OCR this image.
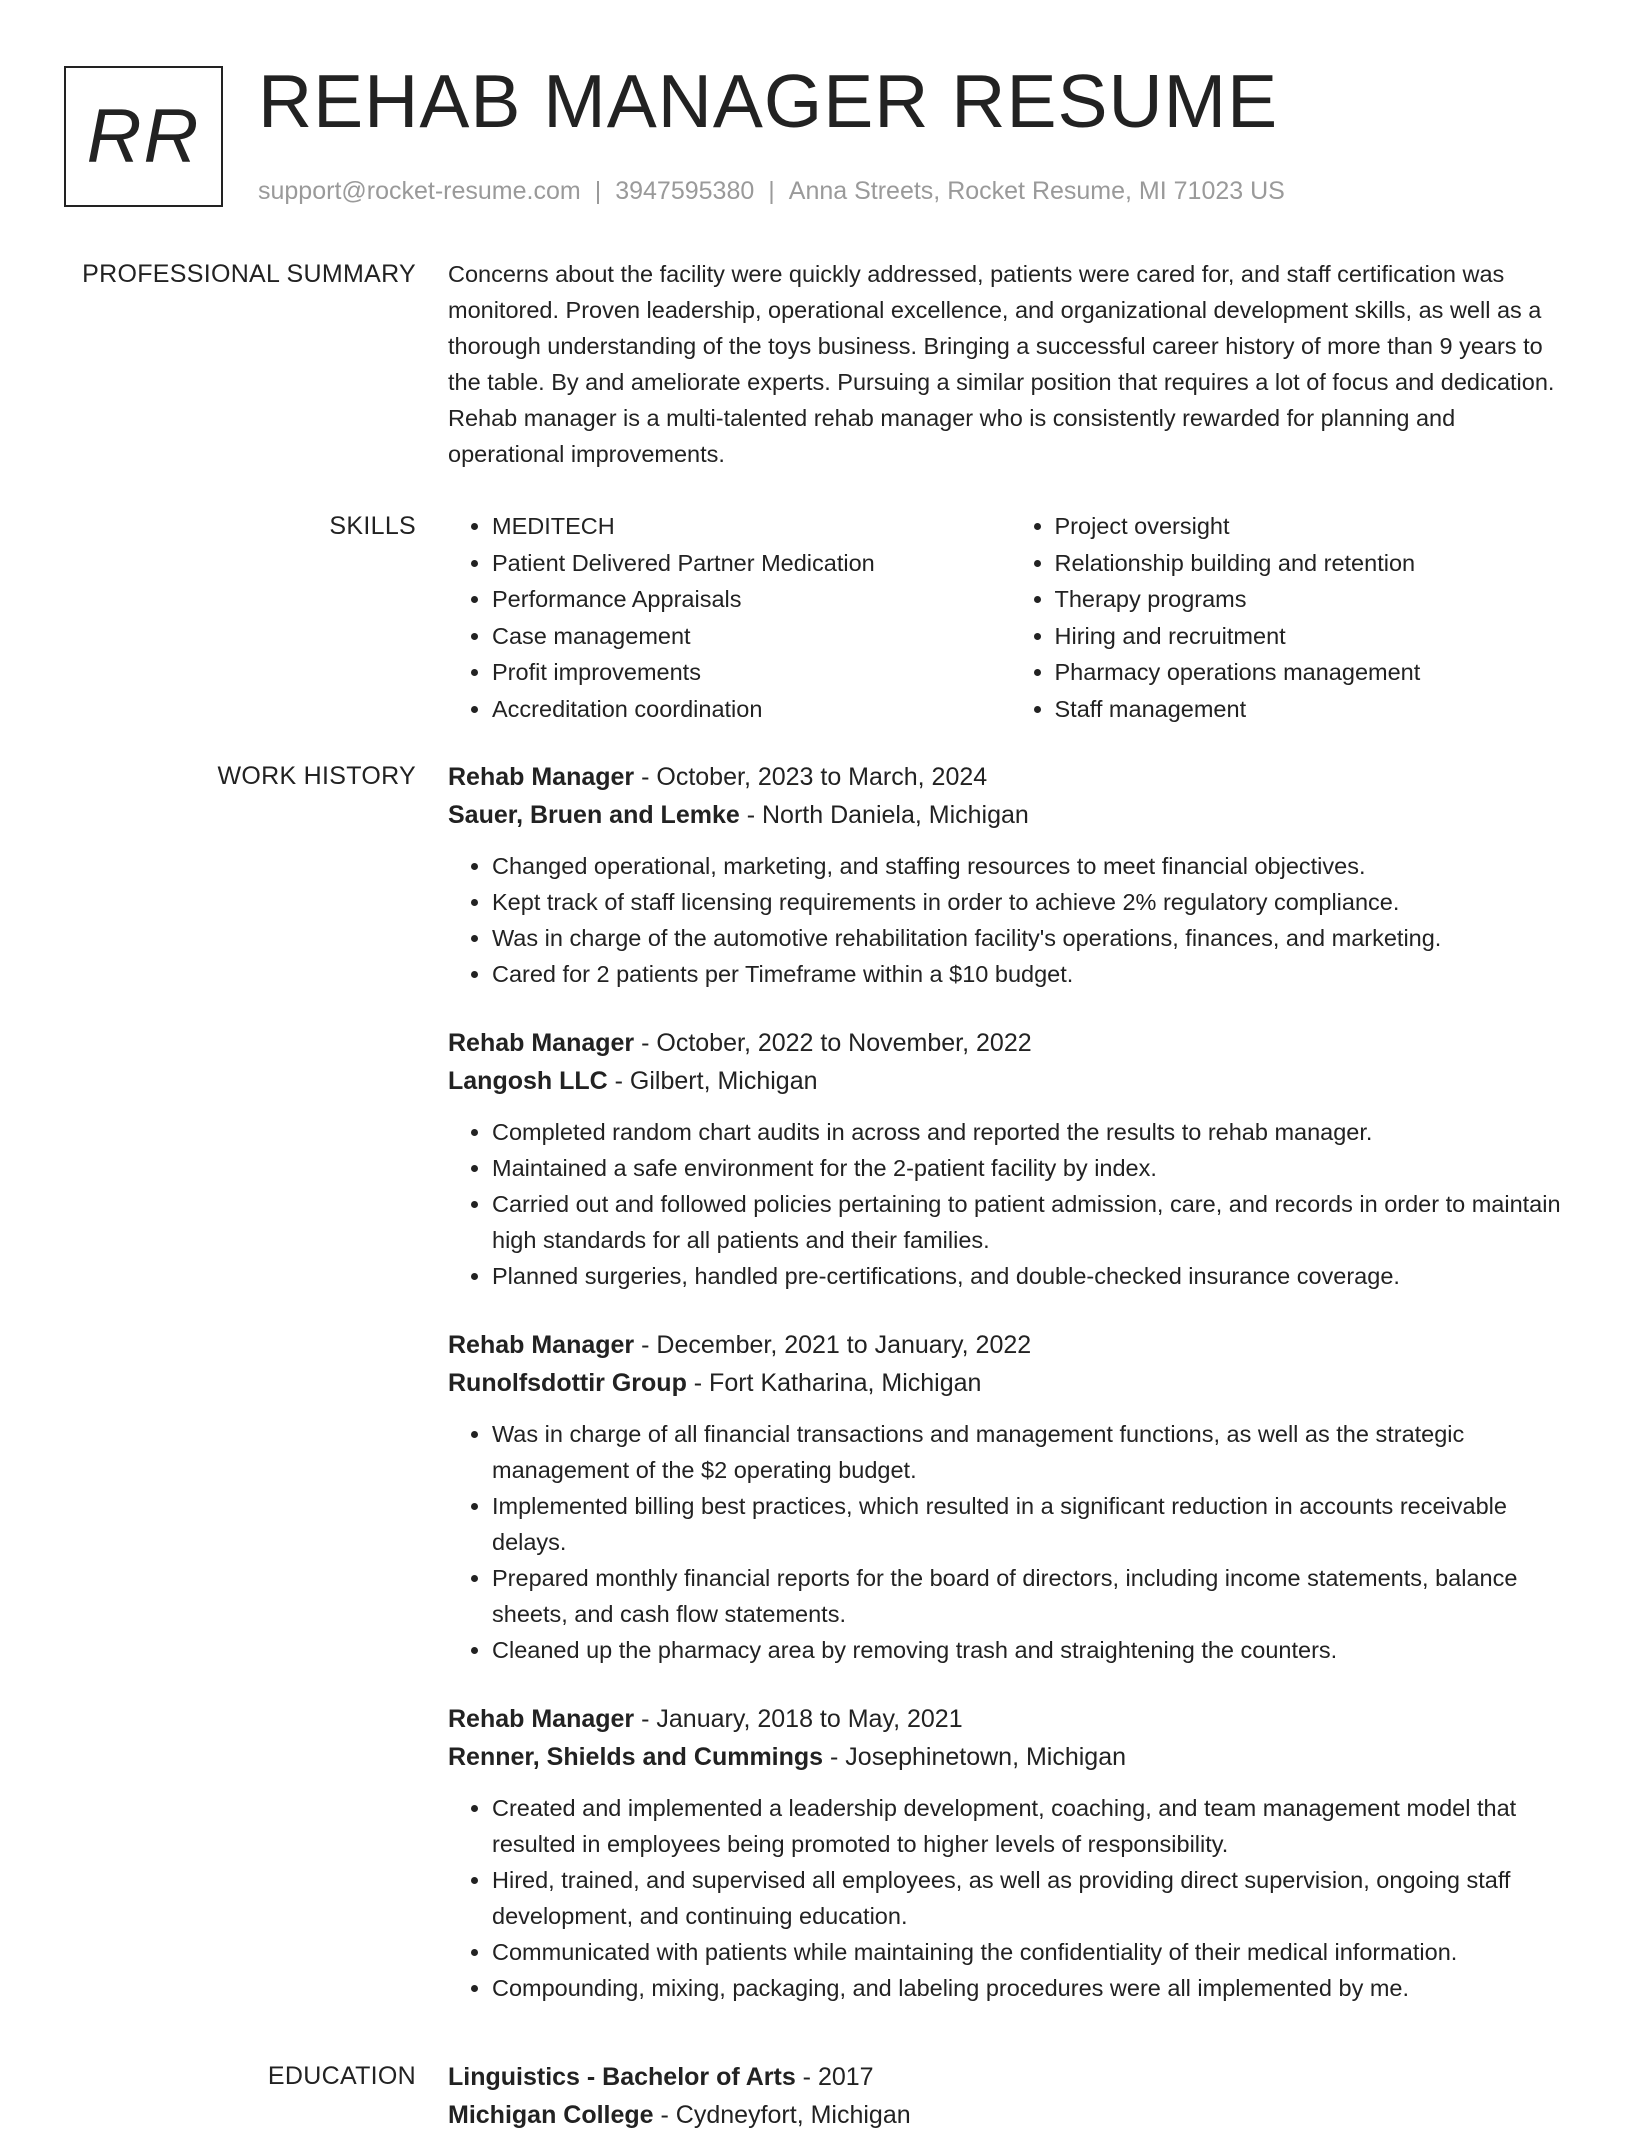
RR REHAB MANAGER RESUME
support@rocket-resume.com | 3947595380 | Anna Streets, Rocket Resume, MI 71023 US
PROFESSIONAL SUMMARY Concerns about the facility were quickly addressed, patients were cared for, and staff certification was monitored. Proven leadership, operational excellence, and organizational development skills, as well as a thorough understanding of the toys business. Bringing a successful career history of more than 9 years to the table. By and ameliorate experts. Pursuing a similar position that requires a lot of focus and dedication. Rehab manager is a multi-talented rehab manager who is consistently rewarded for planning and operational improvements.

SKILLS
•	MEDITECH
• Patient Delivered Partner Medication
• Performance Appraisals
• Case management
• Profit improvements
• Accreditation coordination
• Project oversight
• Relationship building and retention
• Therapy programs
• Hiring and recruitment
• Pharmacy operations management
• Staff management
WORK HISTORY Rehab Manager - October, 2023 to March, 2024
Sauer, Bruen and Lemke - North Daniela, Michigan
• Changed operational, marketing, and staffing resources to meet financial objectives.
• Kept track of staff licensing requirements in order to achieve 2% regulatory compliance.
• Was in charge of the automotive rehabilitation facility's operations, finances, and marketing.
• Cared for 2 patients per Timeframe within a $10 budget.
Rehab Manager - October, 2022 to November, 2022
Langosh LLC - Gilbert, Michigan
• Completed random chart audits in across and reported the results to rehab manager.
• Maintained a safe environment for the 2-patient facility by index.
• Carried out and followed policies pertaining to patient admission, care, and records in order to maintain high standards for all patients and their families.
• Planned surgeries, handled pre-certifications, and double-checked insurance coverage.
Rehab Manager - December, 2021 to January, 2022
Runolfsdottir Group - Fort Katharina, Michigan
• Was in charge of all financial transactions and management functions, as well as the strategic management of the $2 operating budget.
• Implemented billing best practices, which resulted in a significant reduction in accounts receivable delays.
• Prepared monthly financial reports for the board of directors, including income statements, balance sheets, and cash flow statements.
• Cleaned up the pharmacy area by removing trash and straightening the counters.
Rehab Manager - January, 2018 to May, 2021
Renner, Shields and Cummings - Josephinetown, Michigan
• Created and implemented a leadership development, coaching, and team management model that resulted in employees being promoted to higher levels of responsibility.
• Hired, trained, and supervised all employees, as well as providing direct supervision, ongoing staff development, and continuing education.
• Communicated with patients while maintaining the confidentiality of their medical information.
• Compounding, mixing, packaging, and labeling procedures were all implemented by me.
EDUCATION Linguistics - Bachelor of Arts - 2017
Michigan College - Cydneyfort, Michigan
